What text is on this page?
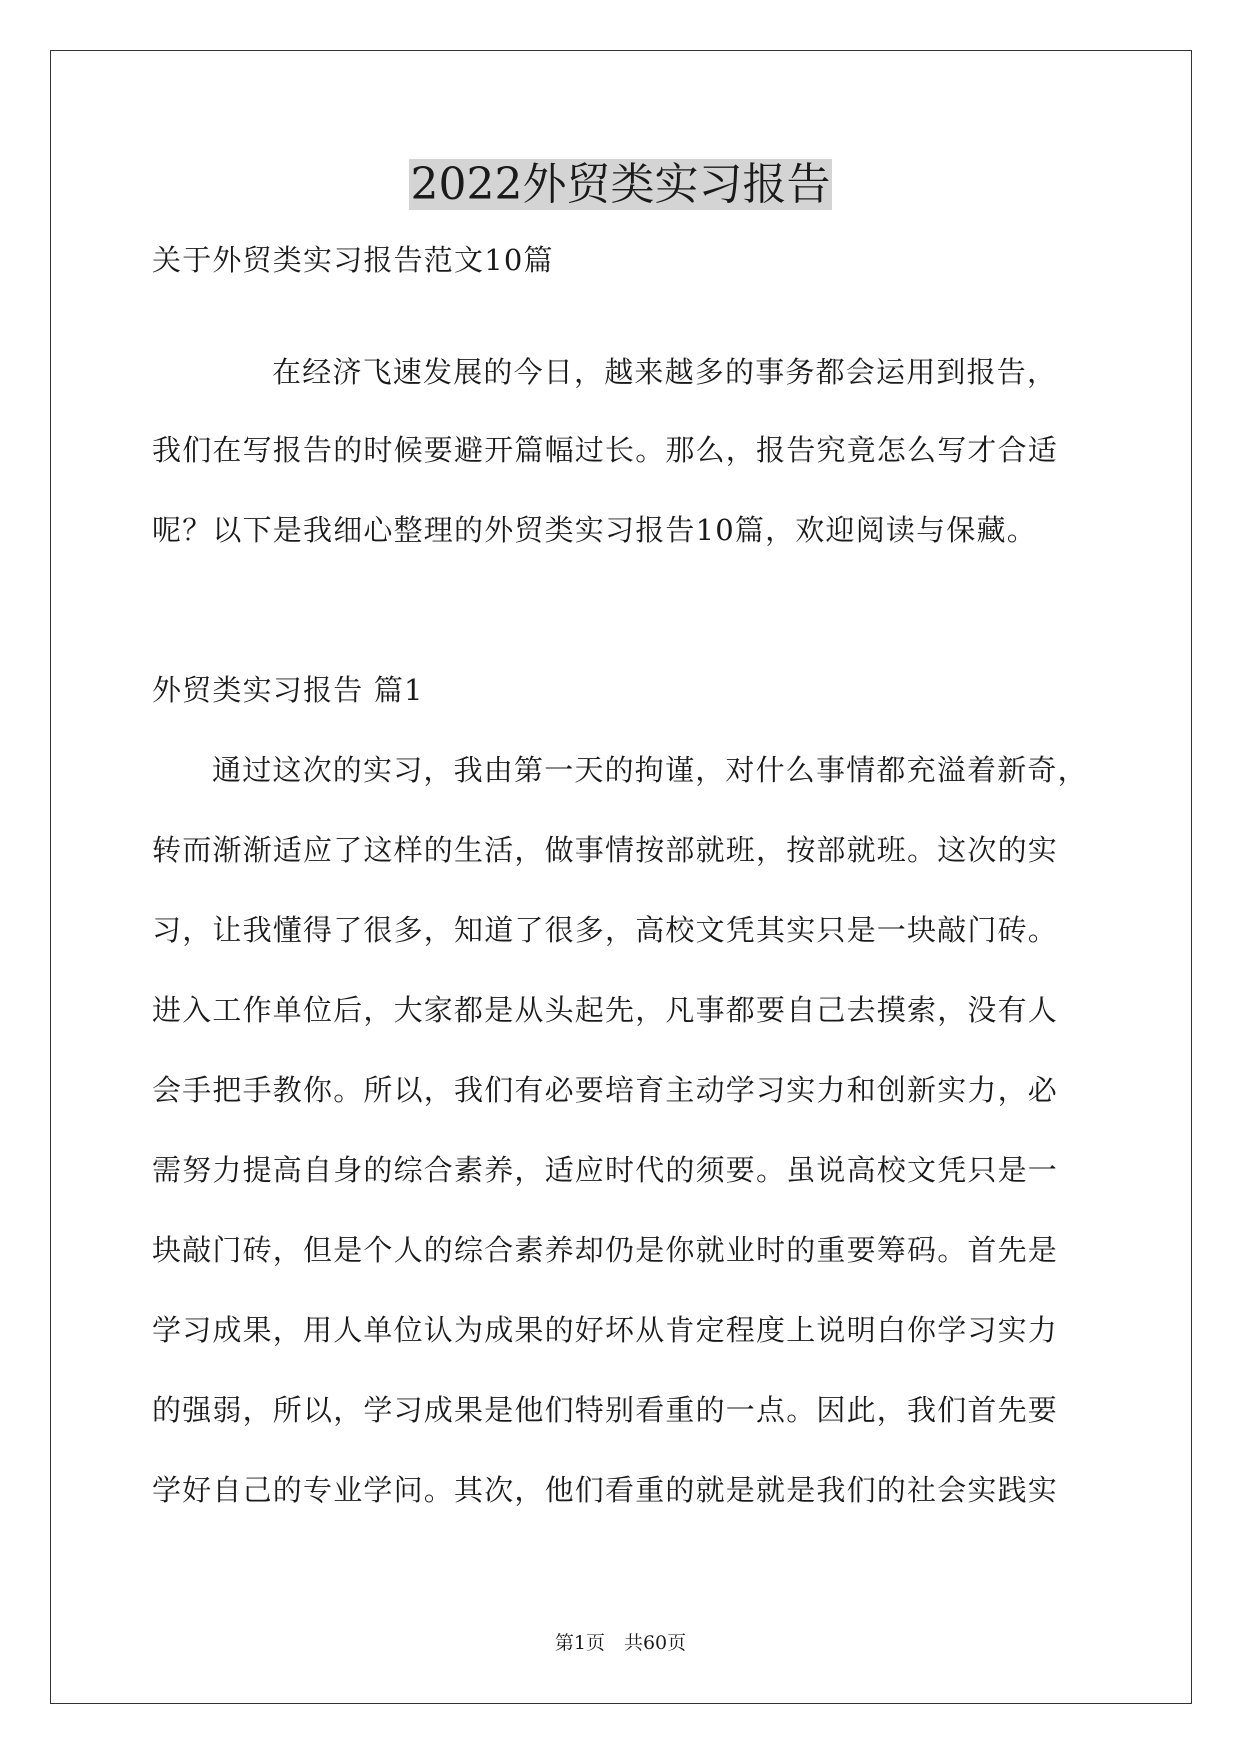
2022外贸类实习报告
关于外贸类实习报告范文10篇
在经济飞速发展的今日，越来越多的事务都会运用到报告，
我们在写报告的时候要避开篇幅过长。那么，报告究竟怎么写才合适
呢？以下是我细心整理的外贸类实习报告10篇，欢迎阅读与保藏。
外贸类实习报告 篇1
通过这次的实习，我由第一天的拘谨，对什么事情都充溢着新奇，
转而渐渐适应了这样的生活，做事情按部就班，按部就班。这次的实
习，让我懂得了很多，知道了很多，高校文凭其实只是一块敲门砖。
进入工作单位后，大家都是从头起先，凡事都要自己去摸索，没有人
会手把手教你。所以，我们有必要培育主动学习实力和创新实力，必
需努力提高自身的综合素养，适应时代的须要。虽说高校文凭只是一
块敲门砖，但是个人的综合素养却仍是你就业时的重要筹码。首先是
学习成果，用人单位认为成果的好坏从肯定程度上说明白你学习实力
的强弱，所以，学习成果是他们特别看重的一点。因此，我们首先要
学好自己的专业学问。其次，他们看重的就是就是我们的社会实践实
第1页　共60页
